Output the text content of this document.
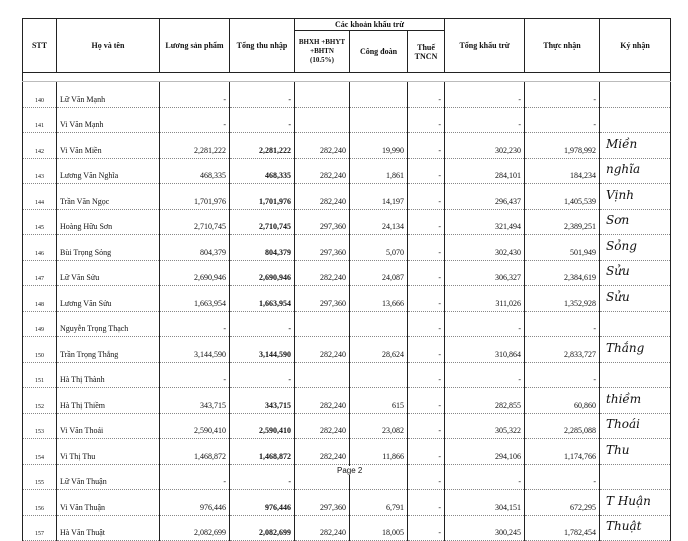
STT	Họ và tên	Lương sản phẩm	Tổng thu nhập	Các khoản khấu trừ			Tổng khấu trừ	Thực nhận	Ký nhận
				BHXH +BHYT +BHTN (10.5%)	Công đoàn	Thuế TNCN			

140	Lữ Văn Mạnh	-	-			-	-	-	
141	Vi Văn Mạnh	-	-			-	-	-	
142	Vi Văn Miền	2,281,222	2,281,222	282,240	19,990	-	302,230	1,978,992	Miền
143	Lương Văn Nghĩa	468,335	468,335	282,240	1,861	-	284,101	184,234	nghĩa
144	Trần Văn Ngọc	1,701,976	1,701,976	282,240	14,197	-	296,437	1,405,539	Vịnh
145	Hoàng Hữu Sơn	2,710,745	2,710,745	297,360	24,134	-	321,494	2,389,251	Sơn
146	Bùi Trọng Sỏng	804,379	804,379	297,360	5,070	-	302,430	501,949	Sỏng
147	Lữ Văn Sửu	2,690,946	2,690,946	282,240	24,087	-	306,327	2,384,619	Sửu
148	Lương Văn Sửu	1,663,954	1,663,954	297,360	13,666	-	311,026	1,352,928	Sửu
149	Nguyễn Trọng Thạch	-	-			-	-	-	
150	Trần Trọng Thắng	3,144,590	3,144,590	282,240	28,624	-	310,864	2,833,727	Thắng
151	Hà Thị Thành	-	-			-	-	-	
152	Hà Thị Thiềm	343,715	343,715	282,240	615	-	282,855	60,860	thiềm
153	Vi Văn Thoái	2,590,410	2,590,410	282,240	23,082	-	305,322	2,285,088	Thoái
154	Vi Thị Thu	1,468,872	1,468,872	282,240	11,866	-	294,106	1,174,766	Thu
155	Lữ Văn Thuận	-	-			-	-	-	
156	Vi Văn Thuận	976,446	976,446	297,360	6,791	-	304,151	672,295	T Huận
157	Hà Văn Thuật	2,082,699	2,082,699	282,240	18,005	-	300,245	1,782,454	Thuật
Page 2
